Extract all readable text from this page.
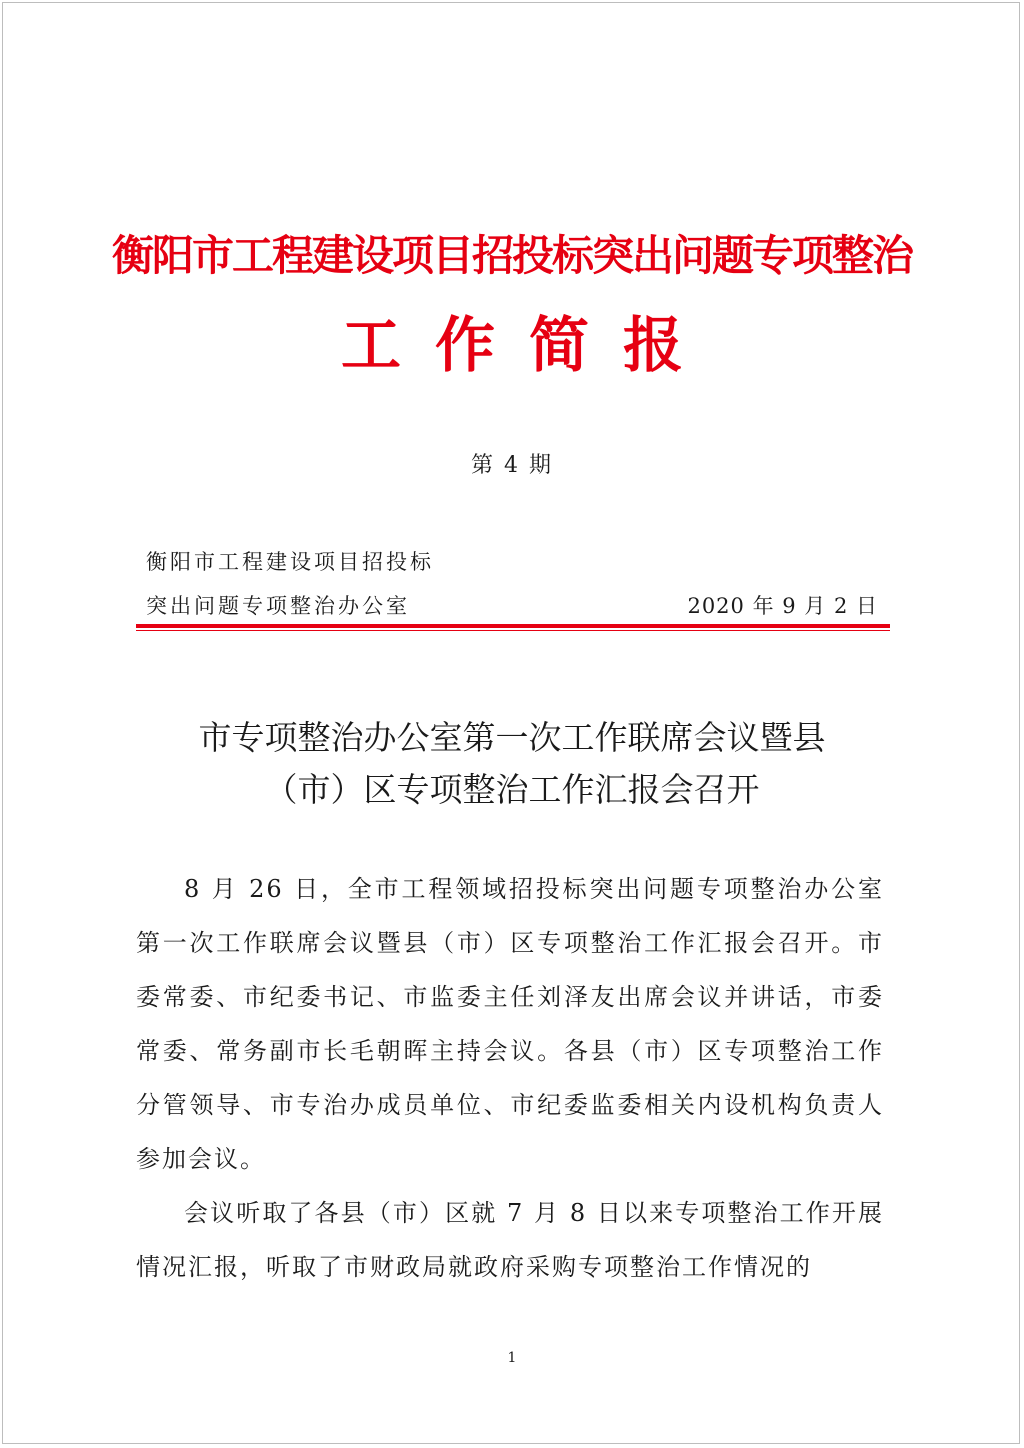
衡阳市工程建设项目招投标突出问题专项整治
工作简报
第 4 期
衡阳市工程建设项目招投标
突出问题专项整治办公室	2020 年 9 月 2 日
市专项整治办公室第一次工作联席会议暨县
（市）区专项整治工作汇报会召开

8 月 26 日，全市工程领域招投标突出问题专项整治办公室第一次工作联席会议暨县（市）区专项整治工作汇报会召开。市委常委、市纪委书记、市监委主任刘泽友出席会议并讲话，市委常委、常务副市长毛朝晖主持会议。各县（市）区专项整治工作分管领导、市专治办成员单位、市纪委监委相关内设机构负责人参加会议。

会议听取了各县（市）区就 7 月 8 日以来专项整治工作开展情况汇报，听取了市财政局就政府采购专项整治工作情况的

1
